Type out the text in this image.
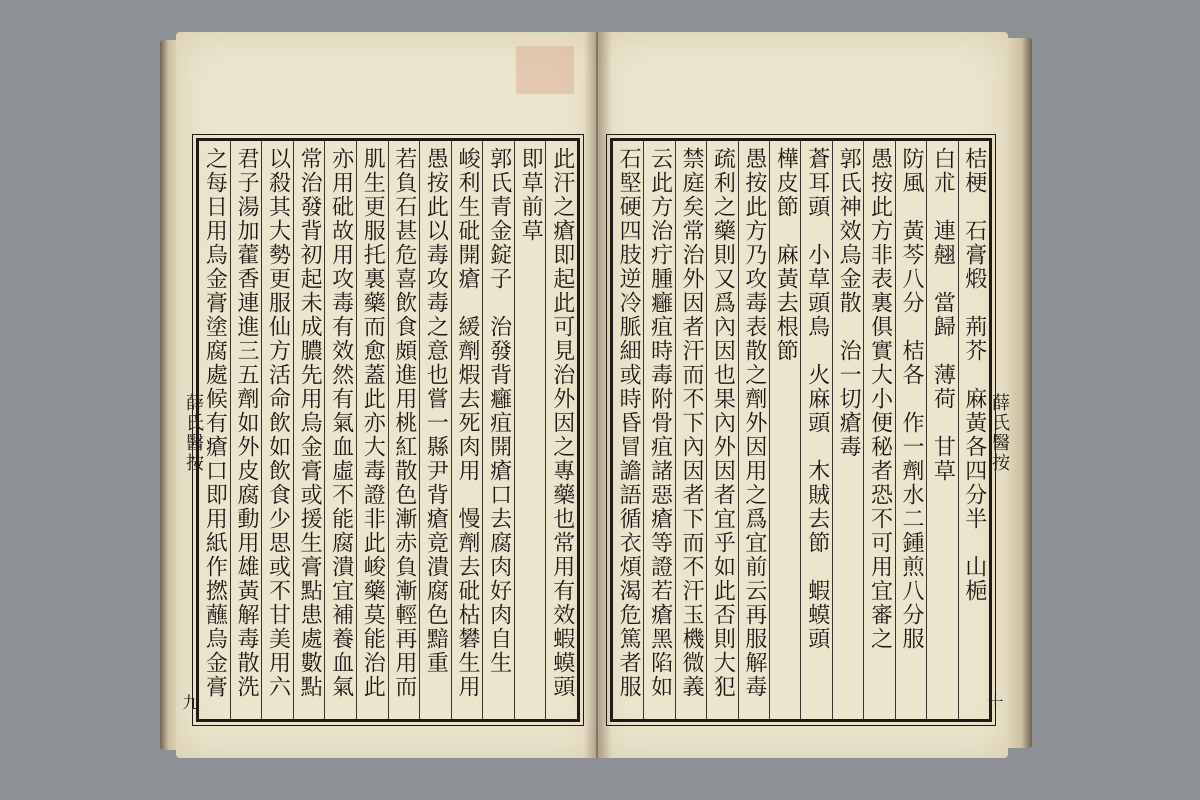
薛氏醫按	此汗之瘡即起此可見治外因之專藥也常用有效蝦蟆頭
即草前草
郭氏青金錠子　治發背癰疽開瘡口去腐肉好肉自生
峻利生砒開瘡　緩劑煆去死肉用　慢劑去砒枯礬生用
愚按此以毒攻毒之意也嘗一縣尹背瘡竟潰腐色黯重
若負石甚危喜飲食頗進用桃紅散色漸赤負漸輕再用而
肌生更服托裏藥而愈蓋此亦大毒證非此峻藥莫能治此
亦用砒故用攻毒有效然有氣血虛不能腐潰宜補養血氣
常治發背初起未成膿先用烏金膏或援生膏點患處數點
以殺其大勢更服仙方活命飲如飲食少思或不甘美用六
君子湯加藿香連進三五劑如外皮腐動用雄黃解毒散洗
之每日用烏金膏塗腐處候有瘡口即用紙作撚蘸烏金膏
九
桔梗　石膏煅　荊芥　麻黃各四分半　山梔
白朮　連翹　當歸　薄荷　甘草
防風　黃芩八分　桔各　作一劑水二鍾煎八分服
愚按此方非表裏俱實大小便秘者恐不可用宜審之
郭氏神效烏金散　治一切瘡毒
蒼耳頭　小草頭鳥　火麻頭　木賊去節　蝦蟆頭
樺皮節　麻黃去根節
愚按此方乃攻毒表散之劑外因用之爲宜前云再服解毒
疏利之藥則又爲內因也果內外因者宜乎如此否則大犯
禁庭矣常治外因者汗而不下內因者下而不汗玉機微義
云此方治疔腫癰疽時毒附骨疽諸惡瘡等證若瘡黑陷如
石堅硬四肢逆冷脈細或時昏冒譫語循衣煩渴危篤者服	薛氏醫按
十
